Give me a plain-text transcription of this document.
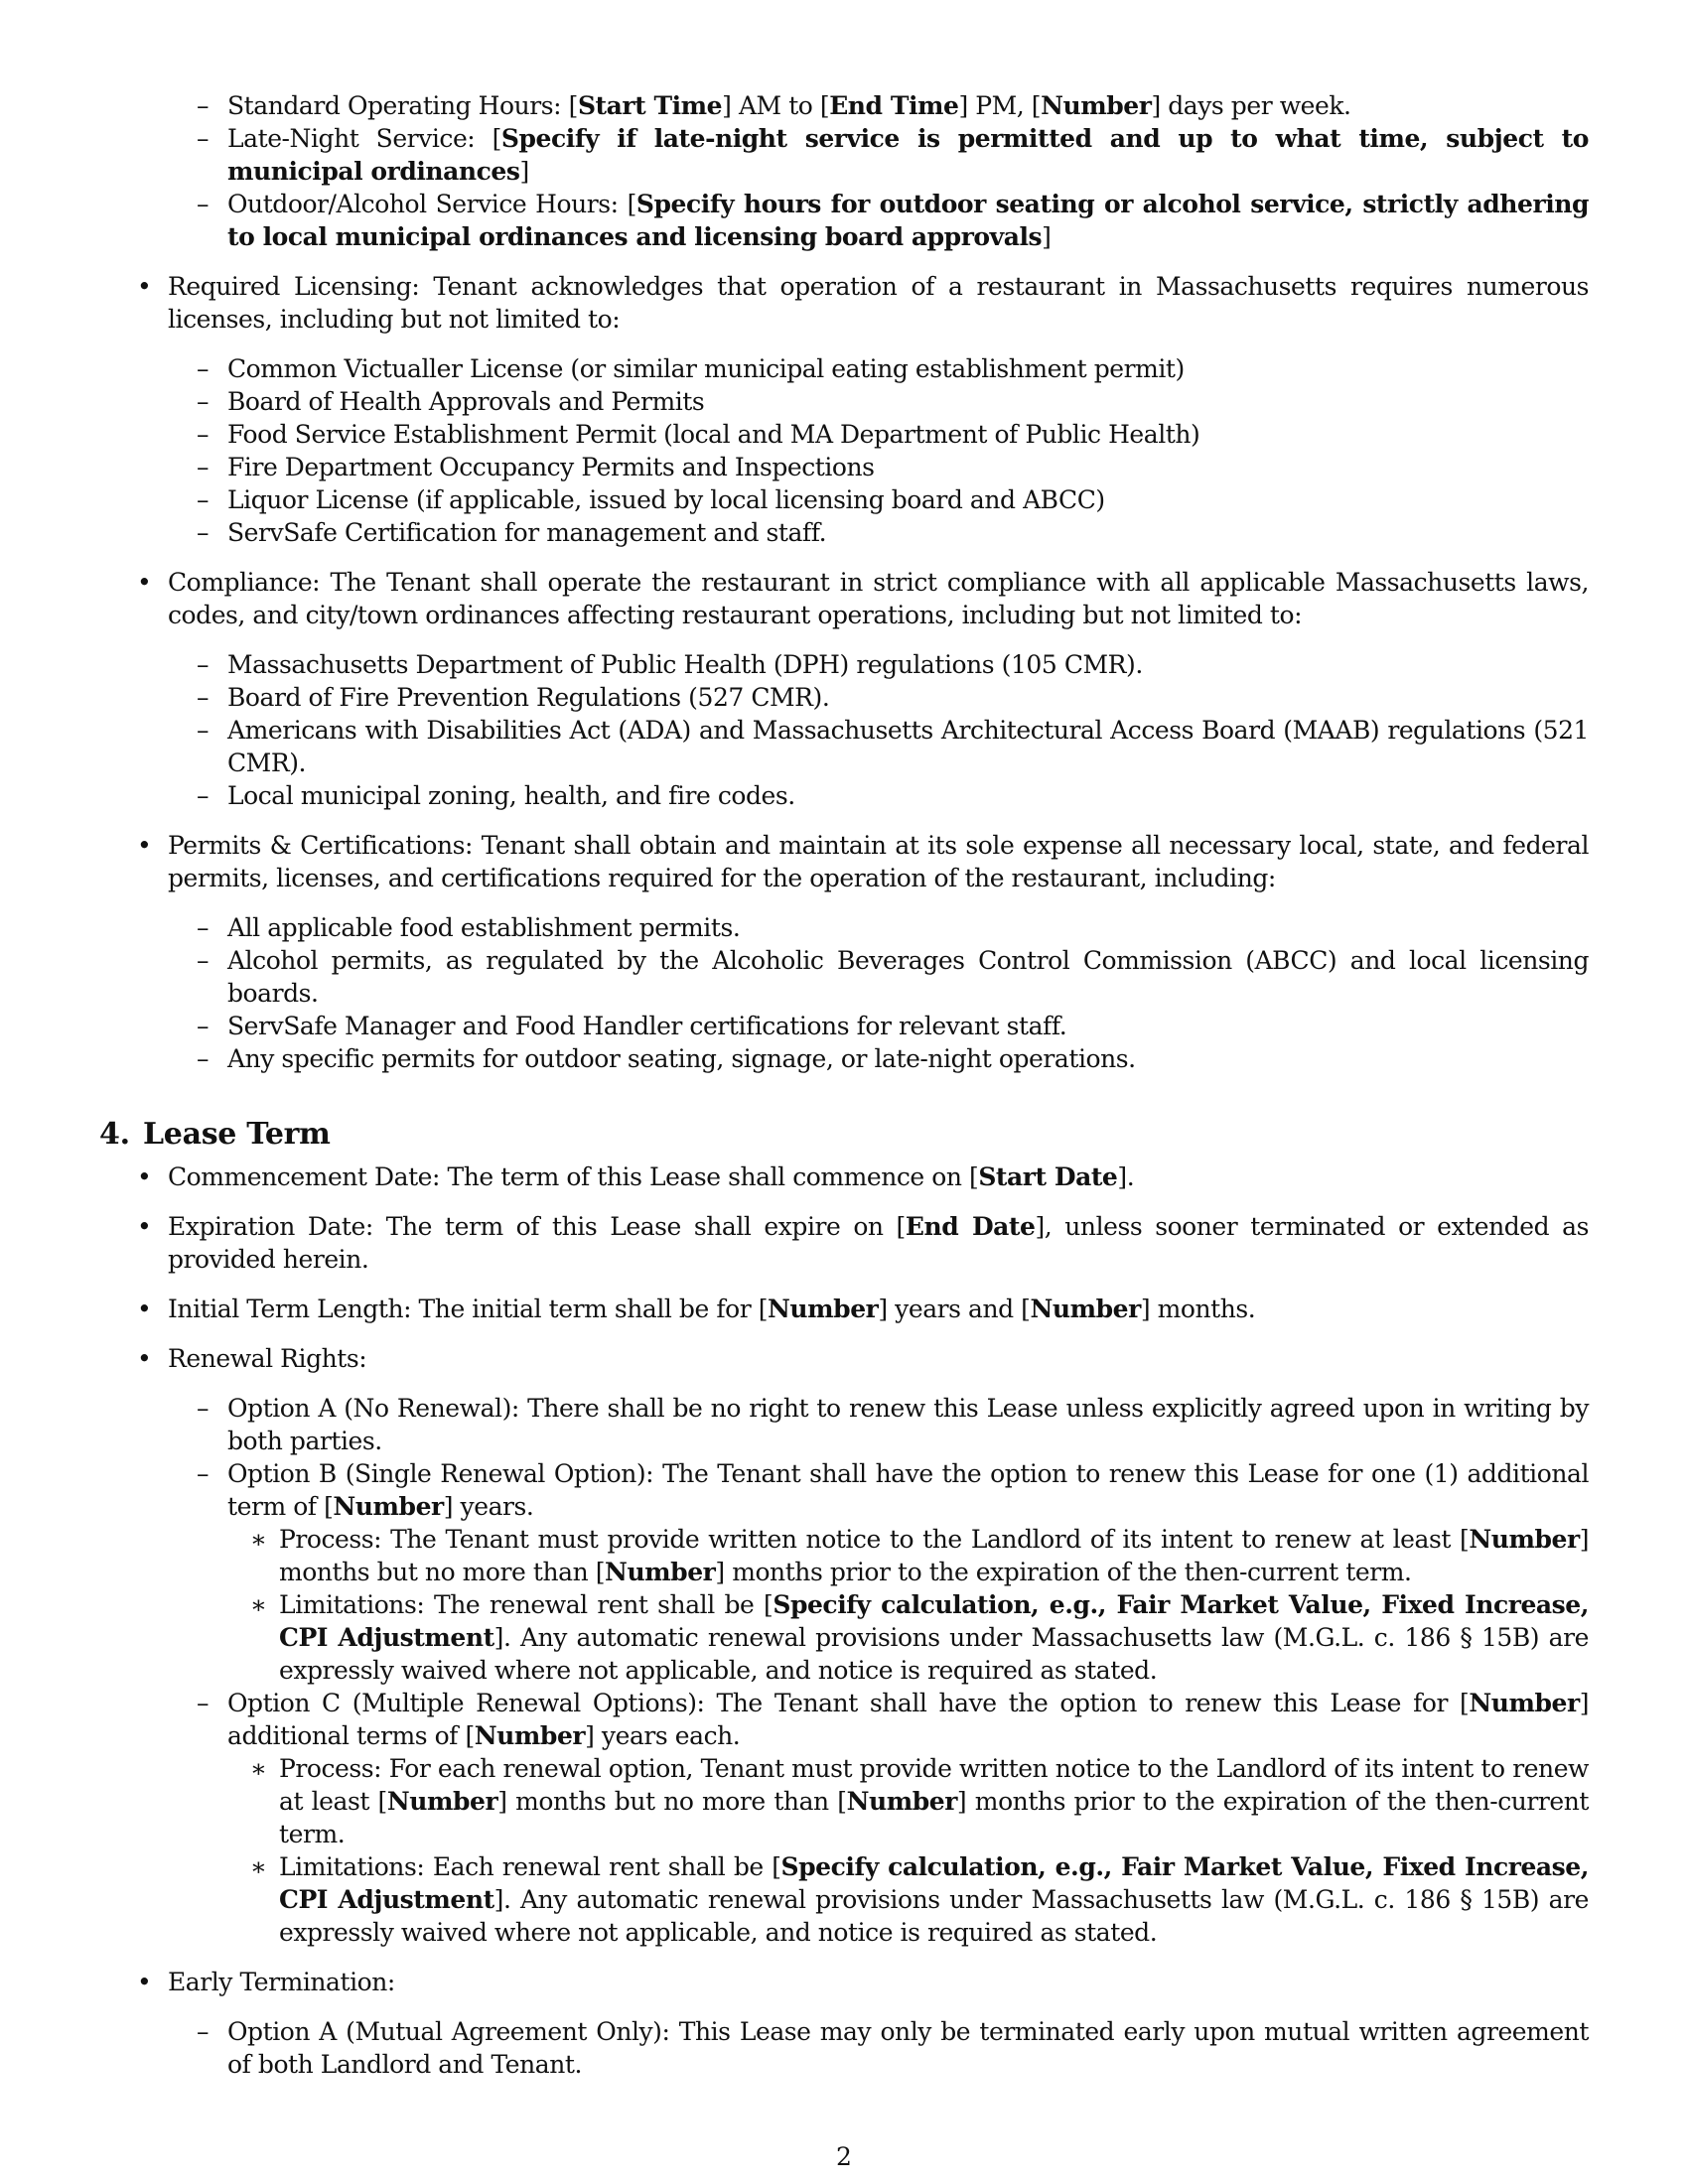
– Standard Operating Hours: [Start Time] AM to [End Time] PM, [Number] days per week.
– Late-Night Service: [Specify if late-night service is permitted and up to what time, subject to municipal ordinances]
– Outdoor/Alcohol Service Hours: [Specify hours for outdoor seating or alcohol service, strictly adhering to local municipal ordinances and licensing board approvals]
• Required Licensing: Tenant acknowledges that operation of a restaurant in Massachusetts requires numerous licenses, including but not limited to:
– Common Victualler License (or similar municipal eating establishment permit)
– Board of Health Approvals and Permits
– Food Service Establishment Permit (local and MA Department of Public Health)
– Fire Department Occupancy Permits and Inspections
– Liquor License (if applicable, issued by local licensing board and ABCC)
– ServSafe Certification for management and staff.
• Compliance: The Tenant shall operate the restaurant in strict compliance with all applicable Massachusetts laws, codes, and city/town ordinances affecting restaurant operations, including but not limited to:
– Massachusetts Department of Public Health (DPH) regulations (105 CMR).
– Board of Fire Prevention Regulations (527 CMR).
– Americans with Disabilities Act (ADA) and Massachusetts Architectural Access Board (MAAB) regulations (521 CMR).
– Local municipal zoning, health, and fire codes.
• Permits & Certifications: Tenant shall obtain and maintain at its sole expense all necessary local, state, and federal permits, licenses, and certifications required for the operation of the restaurant, including:
– All applicable food establishment permits.
– Alcohol permits, as regulated by the Alcoholic Beverages Control Commission (ABCC) and local licensing boards.
– ServSafe Manager and Food Handler certifications for relevant staff.
– Any specific permits for outdoor seating, signage, or late-night operations.
4. Lease Term
• Commencement Date: The term of this Lease shall commence on [Start Date].
• Expiration Date: The term of this Lease shall expire on [End Date], unless sooner terminated or extended as provided herein.
• Initial Term Length: The initial term shall be for [Number] years and [Number] months.
• Renewal Rights:
– Option A (No Renewal): There shall be no right to renew this Lease unless explicitly agreed upon in writing by both parties.
– Option B (Single Renewal Option): The Tenant shall have the option to renew this Lease for one (1) additional term of [Number] years.
∗ Process: The Tenant must provide written notice to the Landlord of its intent to renew at least [Number] months but no more than [Number] months prior to the expiration of the then-current term.
∗ Limitations: The renewal rent shall be [Specify calculation, e.g., Fair Market Value, Fixed Increase, CPI Adjustment]. Any automatic renewal provisions under Massachusetts law (M.G.L. c. 186 § 15B) are expressly waived where not applicable, and notice is required as stated.
– Option C (Multiple Renewal Options): The Tenant shall have the option to renew this Lease for [Number] additional terms of [Number] years each.
∗ Process: For each renewal option, Tenant must provide written notice to the Landlord of its intent to renew at least [Number] months but no more than [Number] months prior to the expiration of the then-current term.
∗ Limitations: Each renewal rent shall be [Specify calculation, e.g., Fair Market Value, Fixed Increase, CPI Adjustment]. Any automatic renewal provisions under Massachusetts law (M.G.L. c. 186 § 15B) are expressly waived where not applicable, and notice is required as stated.
• Early Termination:
– Option A (Mutual Agreement Only): This Lease may only be terminated early upon mutual written agreement of both Landlord and Tenant.
2
